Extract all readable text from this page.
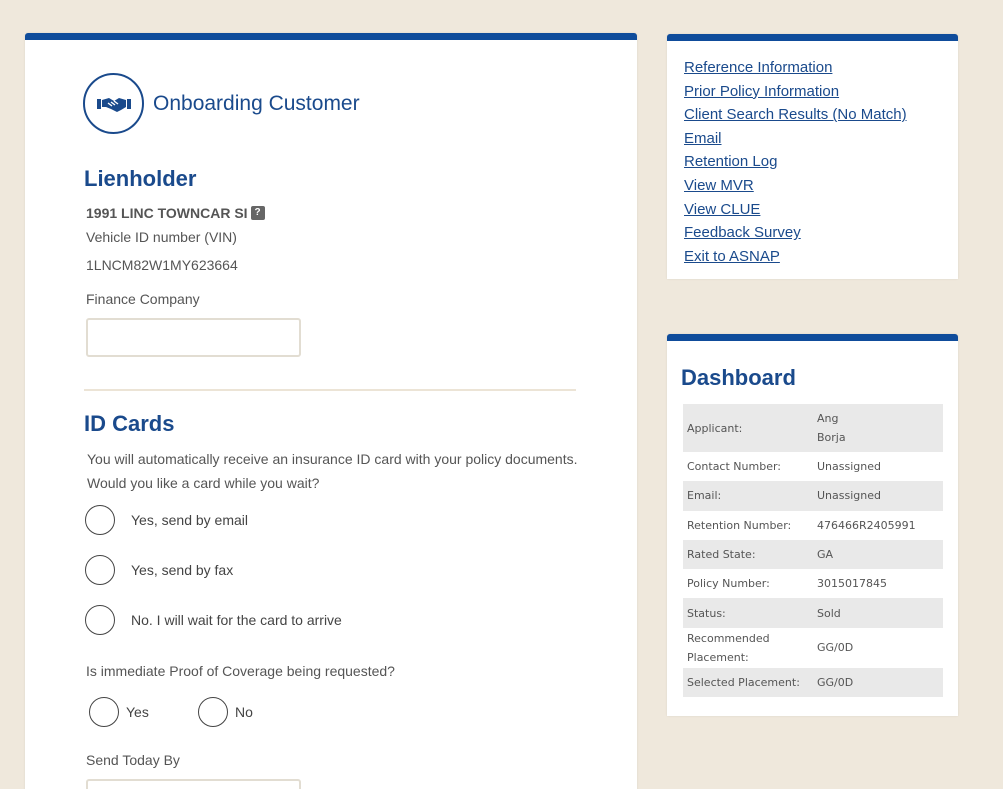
Onboarding Customer
Lienholder
1991 LINC TOWNCAR SI ?
Vehicle ID number (VIN)
1LNCM82W1MY623664
Finance Company
ID Cards
You will automatically receive an insurance ID card with your policy documents.
Would you like a card while you wait?
Yes, send by email
Yes, send by fax
No. I will wait for the card to arrive
Is immediate Proof of Coverage being requested?
Yes	No
Send Today By
Reference Information
Prior Policy Information
Client Search Results (No Match)
Email
Retention Log
View MVR
View CLUE
Feedback Survey
Exit to ASNAP
Dashboard
Applicant:	Ang
Borja
Contact Number:	Unassigned
Email:	Unassigned
Retention Number:	476466R2405991
Rated State:	GA
Policy Number:	3015017845
Status:	Sold
Recommended
Placement:	GG/0D
Selected Placement:	GG/0D
